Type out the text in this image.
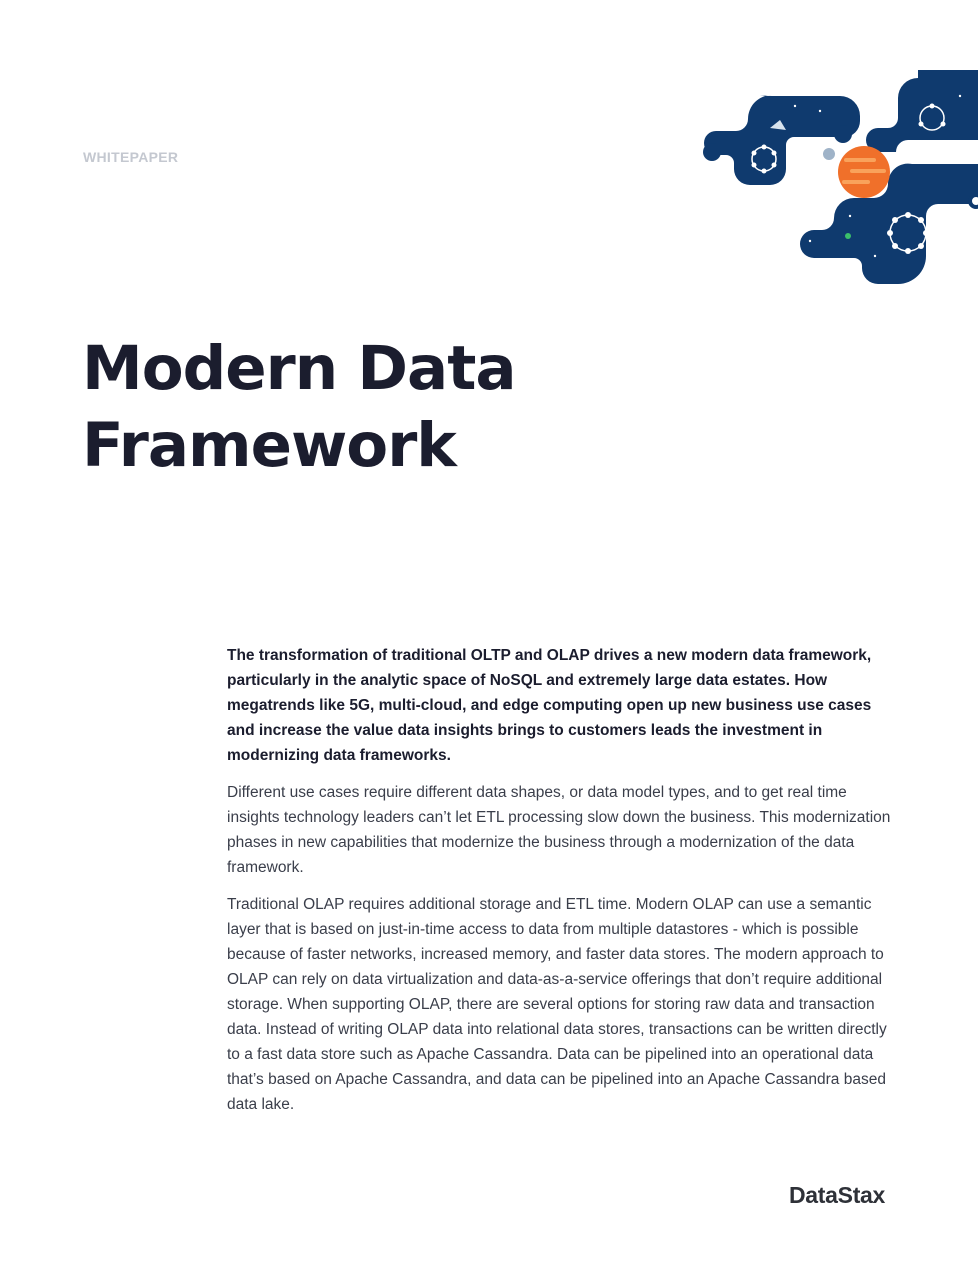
WHITEPAPER
Modern Data
Framework

The transformation of traditional OLTP and OLAP drives a new modern data framework, particularly in the analytic space of NoSQL and extremely large data estates. How megatrends like 5G, multi-cloud, and edge computing open up new business use cases and increase the value data insights brings to customers leads the investment in modernizing data frameworks.

Different use cases require different data shapes, or data model types, and to get real time insights technology leaders can’t let ETL processing slow down the business. This modernization phases in new capabilities that modernize the business through a modernization of the data framework.

Traditional OLAP requires additional storage and ETL time. Modern OLAP can use a semantic layer that is based on just-in-time access to data from multiple datastores - which is possible because of faster networks, increased memory, and faster data stores. The modern approach to OLAP can rely on data virtualization and data-as-a-service offerings that don’t require additional storage. When supporting OLAP, there are several options for storing raw data and transaction data. Instead of writing OLAP data into relational data stores, transactions can be written directly to a fast data store such as Apache Cassandra. Data can be pipelined into an operational data that’s based on Apache Cassandra, and data can be pipelined into an Apache Cassandra based data lake.

DataStax
